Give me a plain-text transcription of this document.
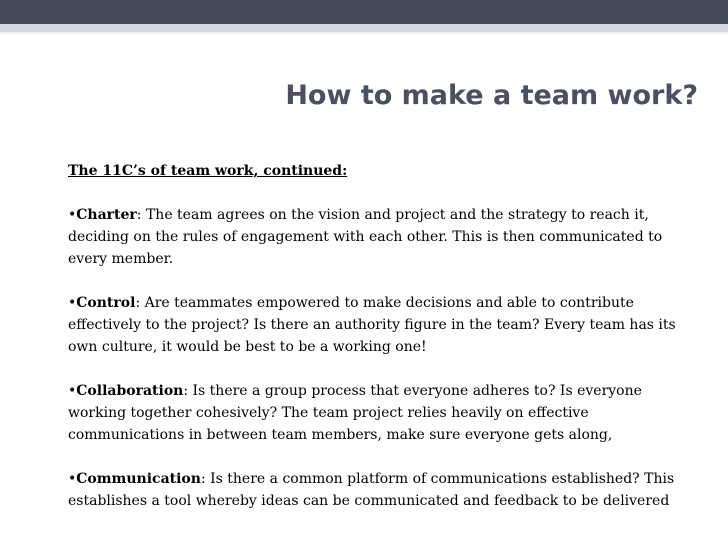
How to make a team work?

The 11C’s of team work, continued:

•Charter: The team agrees on the vision and project and the strategy to reach it, deciding on the rules of engagement with each other. This is then communicated to every member.

•Control: Are teammates empowered to make decisions and able to contribute effectively to the project? Is there an authority figure in the team? Every team has its own culture, it would be best to be a working one!

•Collaboration: Is there a group process that everyone adheres to? Is everyone working together cohesively? The team project relies heavily on effective communications in between team members, make sure everyone gets along,

•Communication: Is there a common platform of communications established? This establishes a tool whereby ideas can be communicated and feedback to be delivered
